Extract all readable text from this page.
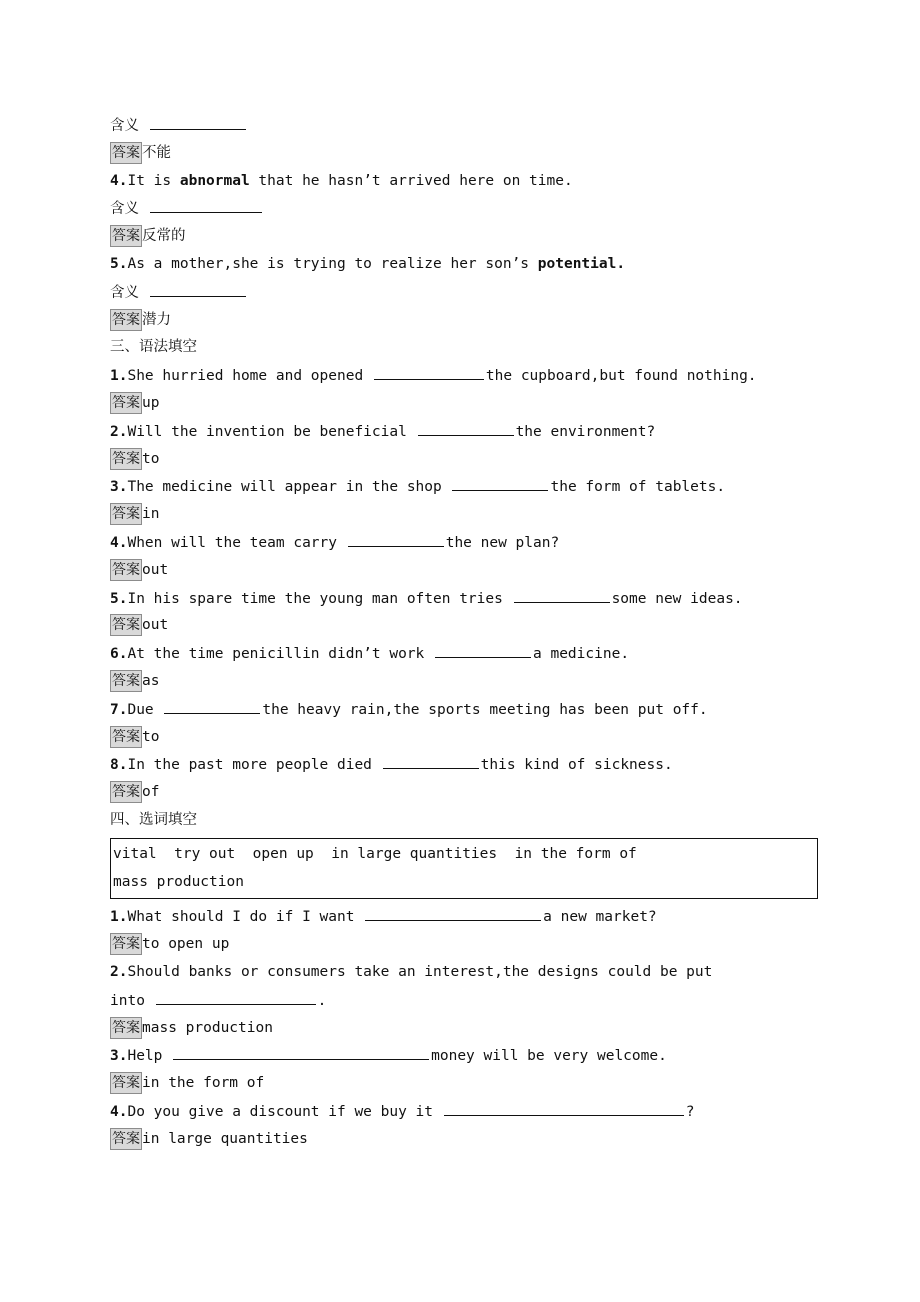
含义
答案 不能
4.It is abnormal that he hasn’t arrived here on time.
含义
答案 反常的
5.As a mother,she is trying to realize her son’s potential.
含义
答案 潜力
三、语法填空
1.She hurried home and opened	the cupboard,but found nothing.
答案 up
2.Will the invention be beneficial	the environment?
答案 to
3.The medicine will appear in the shop	the form of tablets.
答案 in
4.When will the team carry	the new plan?
答案 out
5.In his spare time the young man often tries	some new ideas.
答案 out
6.At the time penicillin didn’t work	a medicine.
答案 as
7.Due	the heavy rain,the sports meeting has been put off.
答案 to
8.In the past more people died	this kind of sickness.
答案 of
四、选词填空
vital  try out  open up  in large quantities  in the form of
mass production
1.What should I do if I want	a new market?
答案 to open up
2.Should banks or consumers take an interest,the designs could be put
into	.
答案 mass production
3.Help	money will be very welcome.
答案 in the form of
4.Do you give a discount if we buy it	?
答案 in large quantities
